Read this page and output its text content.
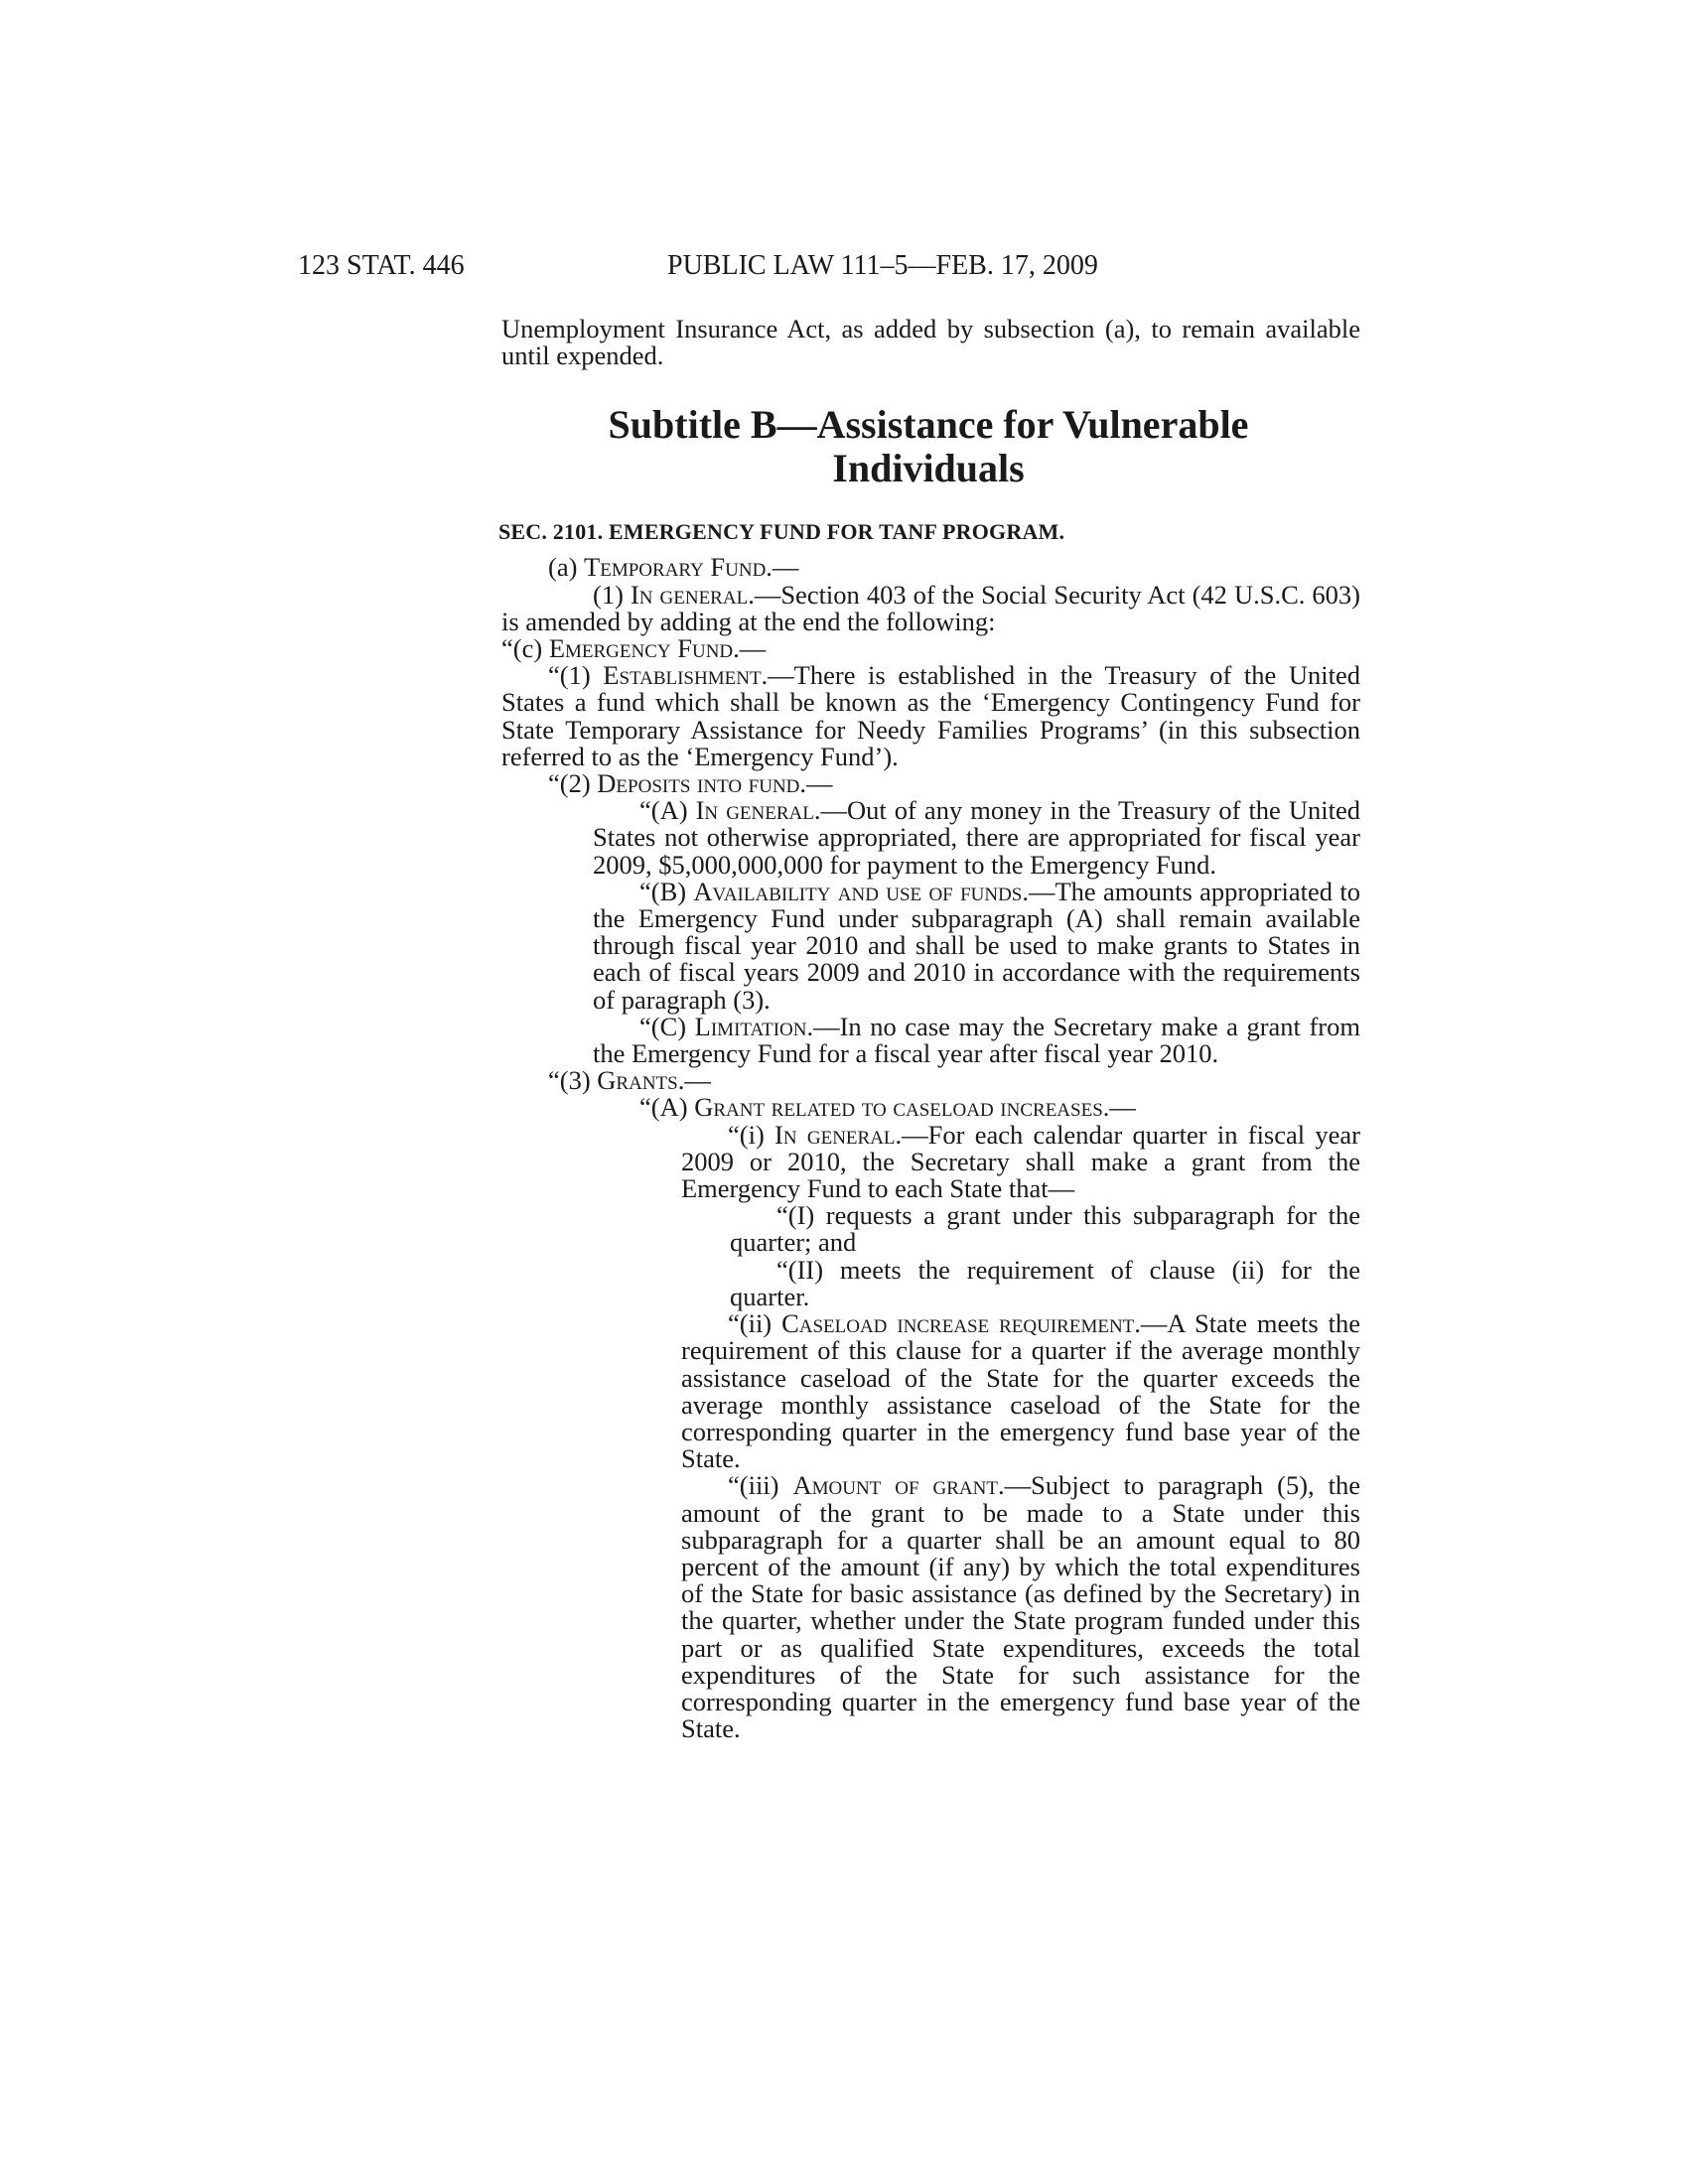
123 STAT. 446	PUBLIC LAW 111–5—FEB. 17, 2009

Unemployment Insurance Act, as added by subsection (a), to remain available until expended.

Subtitle B—Assistance for Vulnerable
Individuals
SEC. 2101. EMERGENCY FUND FOR TANF PROGRAM.

(a) Temporary Fund.—

(1) In general.—Section 403 of the Social Security Act (42 U.S.C. 603) is amended by adding at the end the following:

“(c) Emergency Fund.—

“(1) Establishment.—There is established in the Treasury of the United States a fund which shall be known as the ‘Emergency Contingency Fund for State Temporary Assistance for Needy Families Programs’ (in this subsection referred to as the ‘Emergency Fund’).

“(2) Deposits into fund.—

“(A) In general.—Out of any money in the Treasury of the United States not otherwise appropriated, there are appropriated for fiscal year 2009, $5,000,000,000 for payment to the Emergency Fund.

“(B) Availability and use of funds.—The amounts appropriated to the Emergency Fund under subparagraph (A) shall remain available through fiscal year 2010 and shall be used to make grants to States in each of fiscal years 2009 and 2010 in accordance with the requirements of paragraph (3).

“(C) Limitation.—In no case may the Secretary make a grant from the Emergency Fund for a fiscal year after fiscal year 2010.

“(3) Grants.—

“(A) Grant related to caseload increases.—

“(i) In general.—For each calendar quarter in fiscal year 2009 or 2010, the Secretary shall make a grant from the Emergency Fund to each State that—

“(I) requests a grant under this subparagraph for the quarter; and

“(II) meets the requirement of clause (ii) for the quarter.

“(ii) Caseload increase requirement.—A State meets the requirement of this clause for a quarter if the average monthly assistance caseload of the State for the quarter exceeds the average monthly assistance caseload of the State for the corresponding quarter in the emergency fund base year of the State.

“(iii) Amount of grant.—Subject to paragraph (5), the amount of the grant to be made to a State under this subparagraph for a quarter shall be an amount equal to 80 percent of the amount (if any) by which the total expenditures of the State for basic assistance (as defined by the Secretary) in the quarter, whether under the State program funded under this part or as qualified State expenditures, exceeds the total expenditures of the State for such assistance for the corresponding quarter in the emergency fund base year of the State.
